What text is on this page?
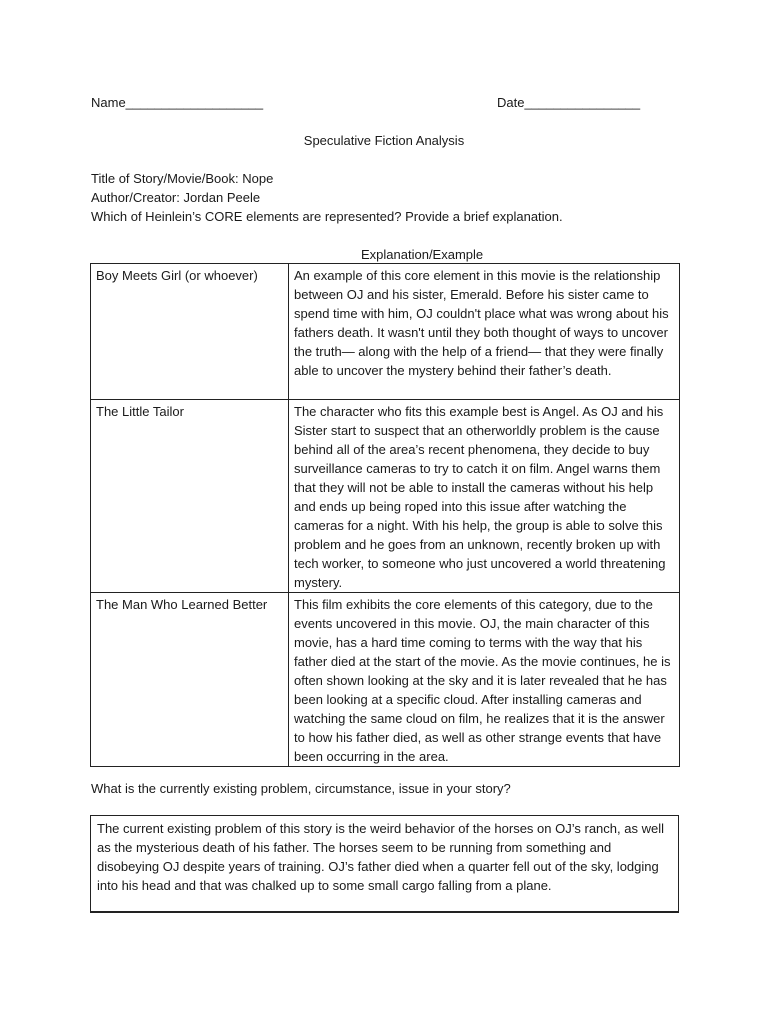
Name___________________	Date________________
Speculative Fiction Analysis
Title of Story/Movie/Book: Nope
Author/Creator: Jordan Peele
Which of Heinlein’s CORE elements are represented? Provide a brief explanation.
Explanation/Example
Boy Meets Girl (or whoever)	An example of this core element in this movie is the relationship between OJ and his sister, Emerald. Before his sister came to spend time with him, OJ couldn't place what was wrong about his fathers death. It wasn't until they both thought of ways to uncover the truth— along with the help of a friend— that they were finally able to uncover the mystery behind their father’s death.
The Little Tailor	The character who fits this example best is Angel. As OJ and his Sister start to suspect that an otherworldly problem is the cause behind all of the area’s recent phenomena, they decide to buy surveillance cameras to try to catch it on film. Angel warns them that they will not be able to install the cameras without his help and ends up being roped into this issue after watching the cameras for a night. With his help, the group is able to solve this problem and he goes from an unknown, recently broken up with tech worker, to someone who just uncovered a world threatening mystery.
The Man Who Learned Better	This film exhibits the core elements of this category, due to the events uncovered in this movie. OJ, the main character of this movie, has a hard time coming to terms with the way that his father died at the start of the movie. As the movie continues, he is often shown looking at the sky and it is later revealed that he has been looking at a specific cloud. After installing cameras and watching the same cloud on film, he realizes that it is the answer to how his father died, as well as other strange events that have been occurring in the area.
What is the currently existing problem, circumstance, issue in your story?
The current existing problem of this story is the weird behavior of the horses on OJ’s ranch, as well as the mysterious death of his father. The horses seem to be running from something and disobeying OJ despite years of training. OJ’s father died when a quarter fell out of the sky, lodging into his head and that was chalked up to some small cargo falling from a plane.
